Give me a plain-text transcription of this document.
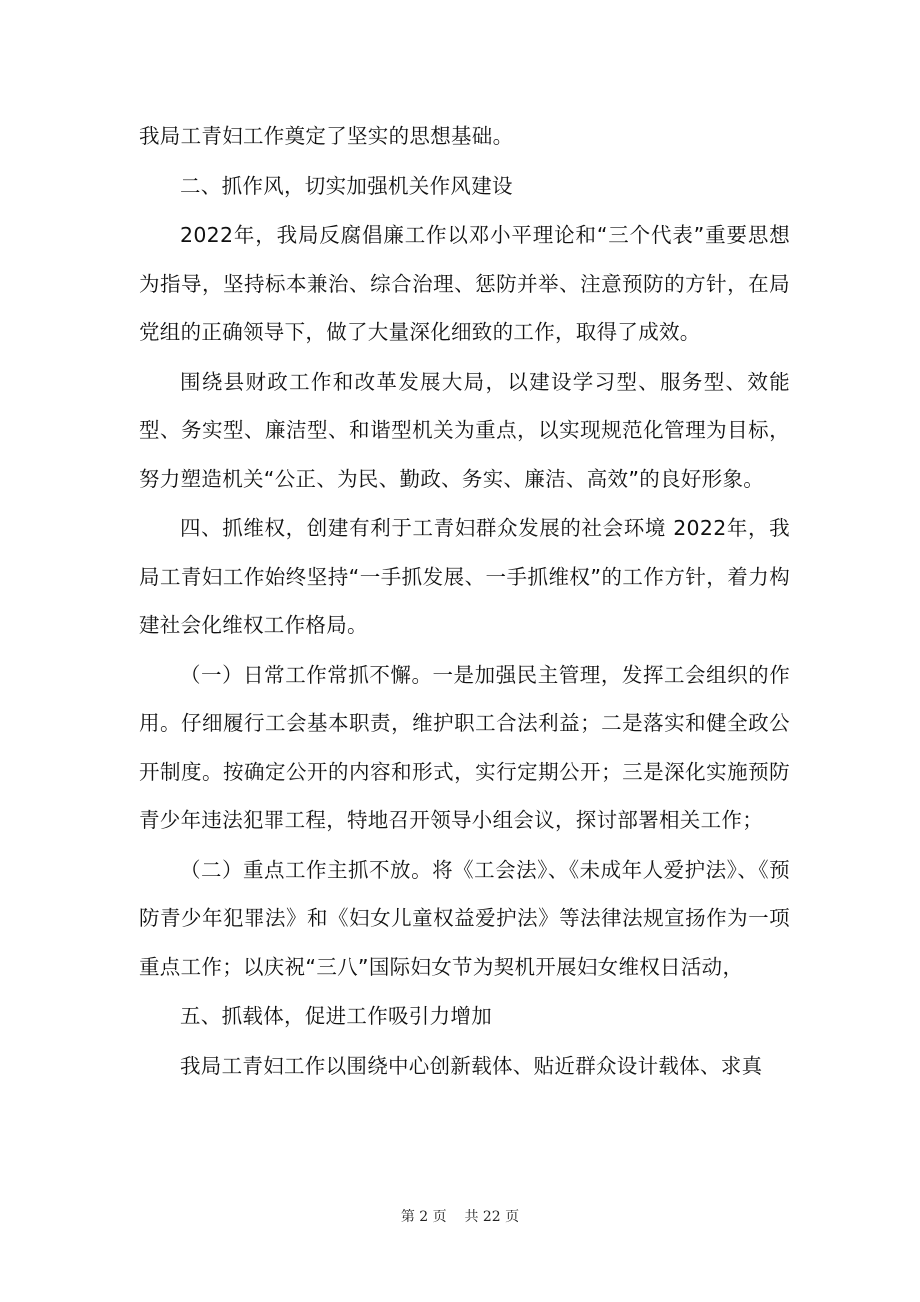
我局工青妇工作奠定了坚实的思想基础。

二、抓作风，切实加强机关作风建设

2022年，我局反腐倡廉工作以邓小平理论和“三个代表”重要思想为指导，坚持标本兼治、综合治理、惩防并举、注意预防的方针，在局党组的正确领导下，做了大量深化细致的工作，取得了成效。

围绕县财政工作和改革发展大局，以建设学习型、服务型、效能型、务实型、廉洁型、和谐型机关为重点，以实现规范化管理为目标，努力塑造机关“公正、为民、勤政、务实、廉洁、高效”的良好形象。

四、抓维权，创建有利于工青妇群众发展的社会环境 2022年，我局工青妇工作始终坚持“一手抓发展、一手抓维权”的工作方针，着力构建社会化维权工作格局。

（一）日常工作常抓不懈。一是加强民主管理，发挥工会组织的作用。仔细履行工会基本职责，维护职工合法利益；二是落实和健全政公开制度。按确定公开的内容和形式，实行定期公开；三是深化实施预防青少年违法犯罪工程，特地召开领导小组会议，探讨部署相关工作；

（二）重点工作主抓不放。将《工会法》、《未成年人爱护法》、《预防青少年犯罪法》和《妇女儿童权益爱护法》等法律法规宣扬作为一项重点工作；以庆祝“三八”国际妇女节为契机开展妇女维权日活动，

五、抓载体，促进工作吸引力增加

我局工青妇工作以围绕中心创新载体、贴近群众设计载体、求真

第 2 页 共 22 页
